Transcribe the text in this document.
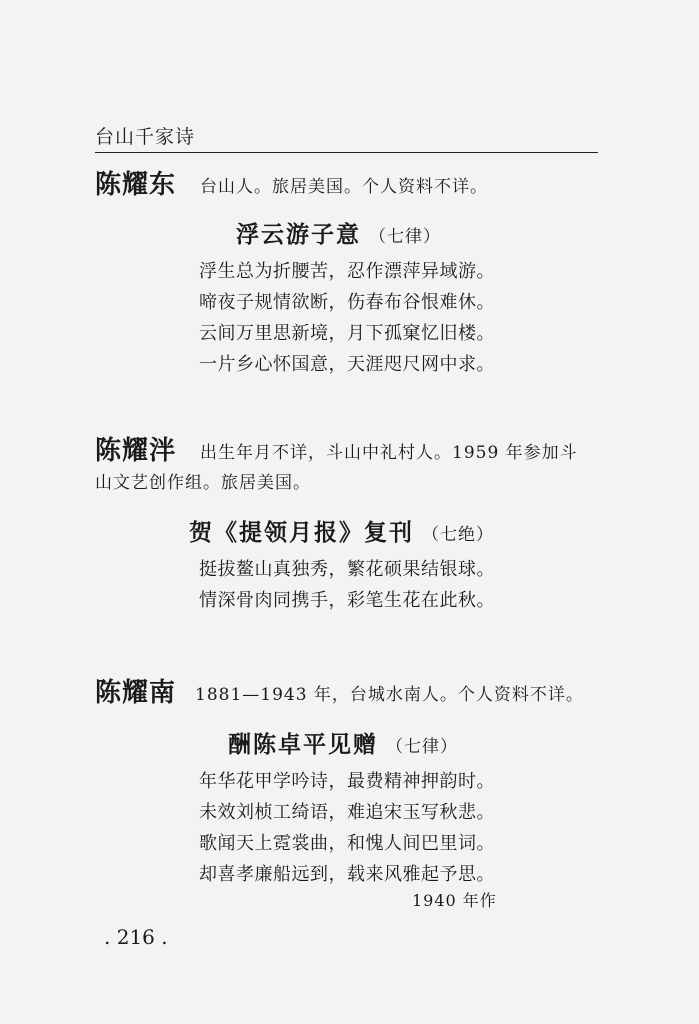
台山千家诗
陈耀东 台山人。旅居美国。个人资料不详。
浮云游子意 （七律）
浮生总为折腰苦，忍作漂萍异域游。
啼夜子规情欲断，伤春布谷恨难休。
云间万里思新境，月下孤窠忆旧楼。
一片乡心怀国意，天涯咫尺网中求。
陈耀泮 出生年月不详，斗山中礼村人。1959 年参加斗
山文艺创作组。旅居美国。
贺《提领月报》复刊 （七绝）
挺拔鳌山真独秀，繁花硕果结银球。
情深骨肉同携手，彩笔生花在此秋。
陈耀南 1881—1943 年，台城水南人。个人资料不详。
酬陈卓平见赠 （七律）
年华花甲学吟诗，最费精神押韵时。
未效刘桢工绮语，难追宋玉写秋悲。
歌闻天上霓裳曲，和愧人间巴里词。
却喜孝廉船远到，载来风雅起予思。
1940 年作
. 216 .
